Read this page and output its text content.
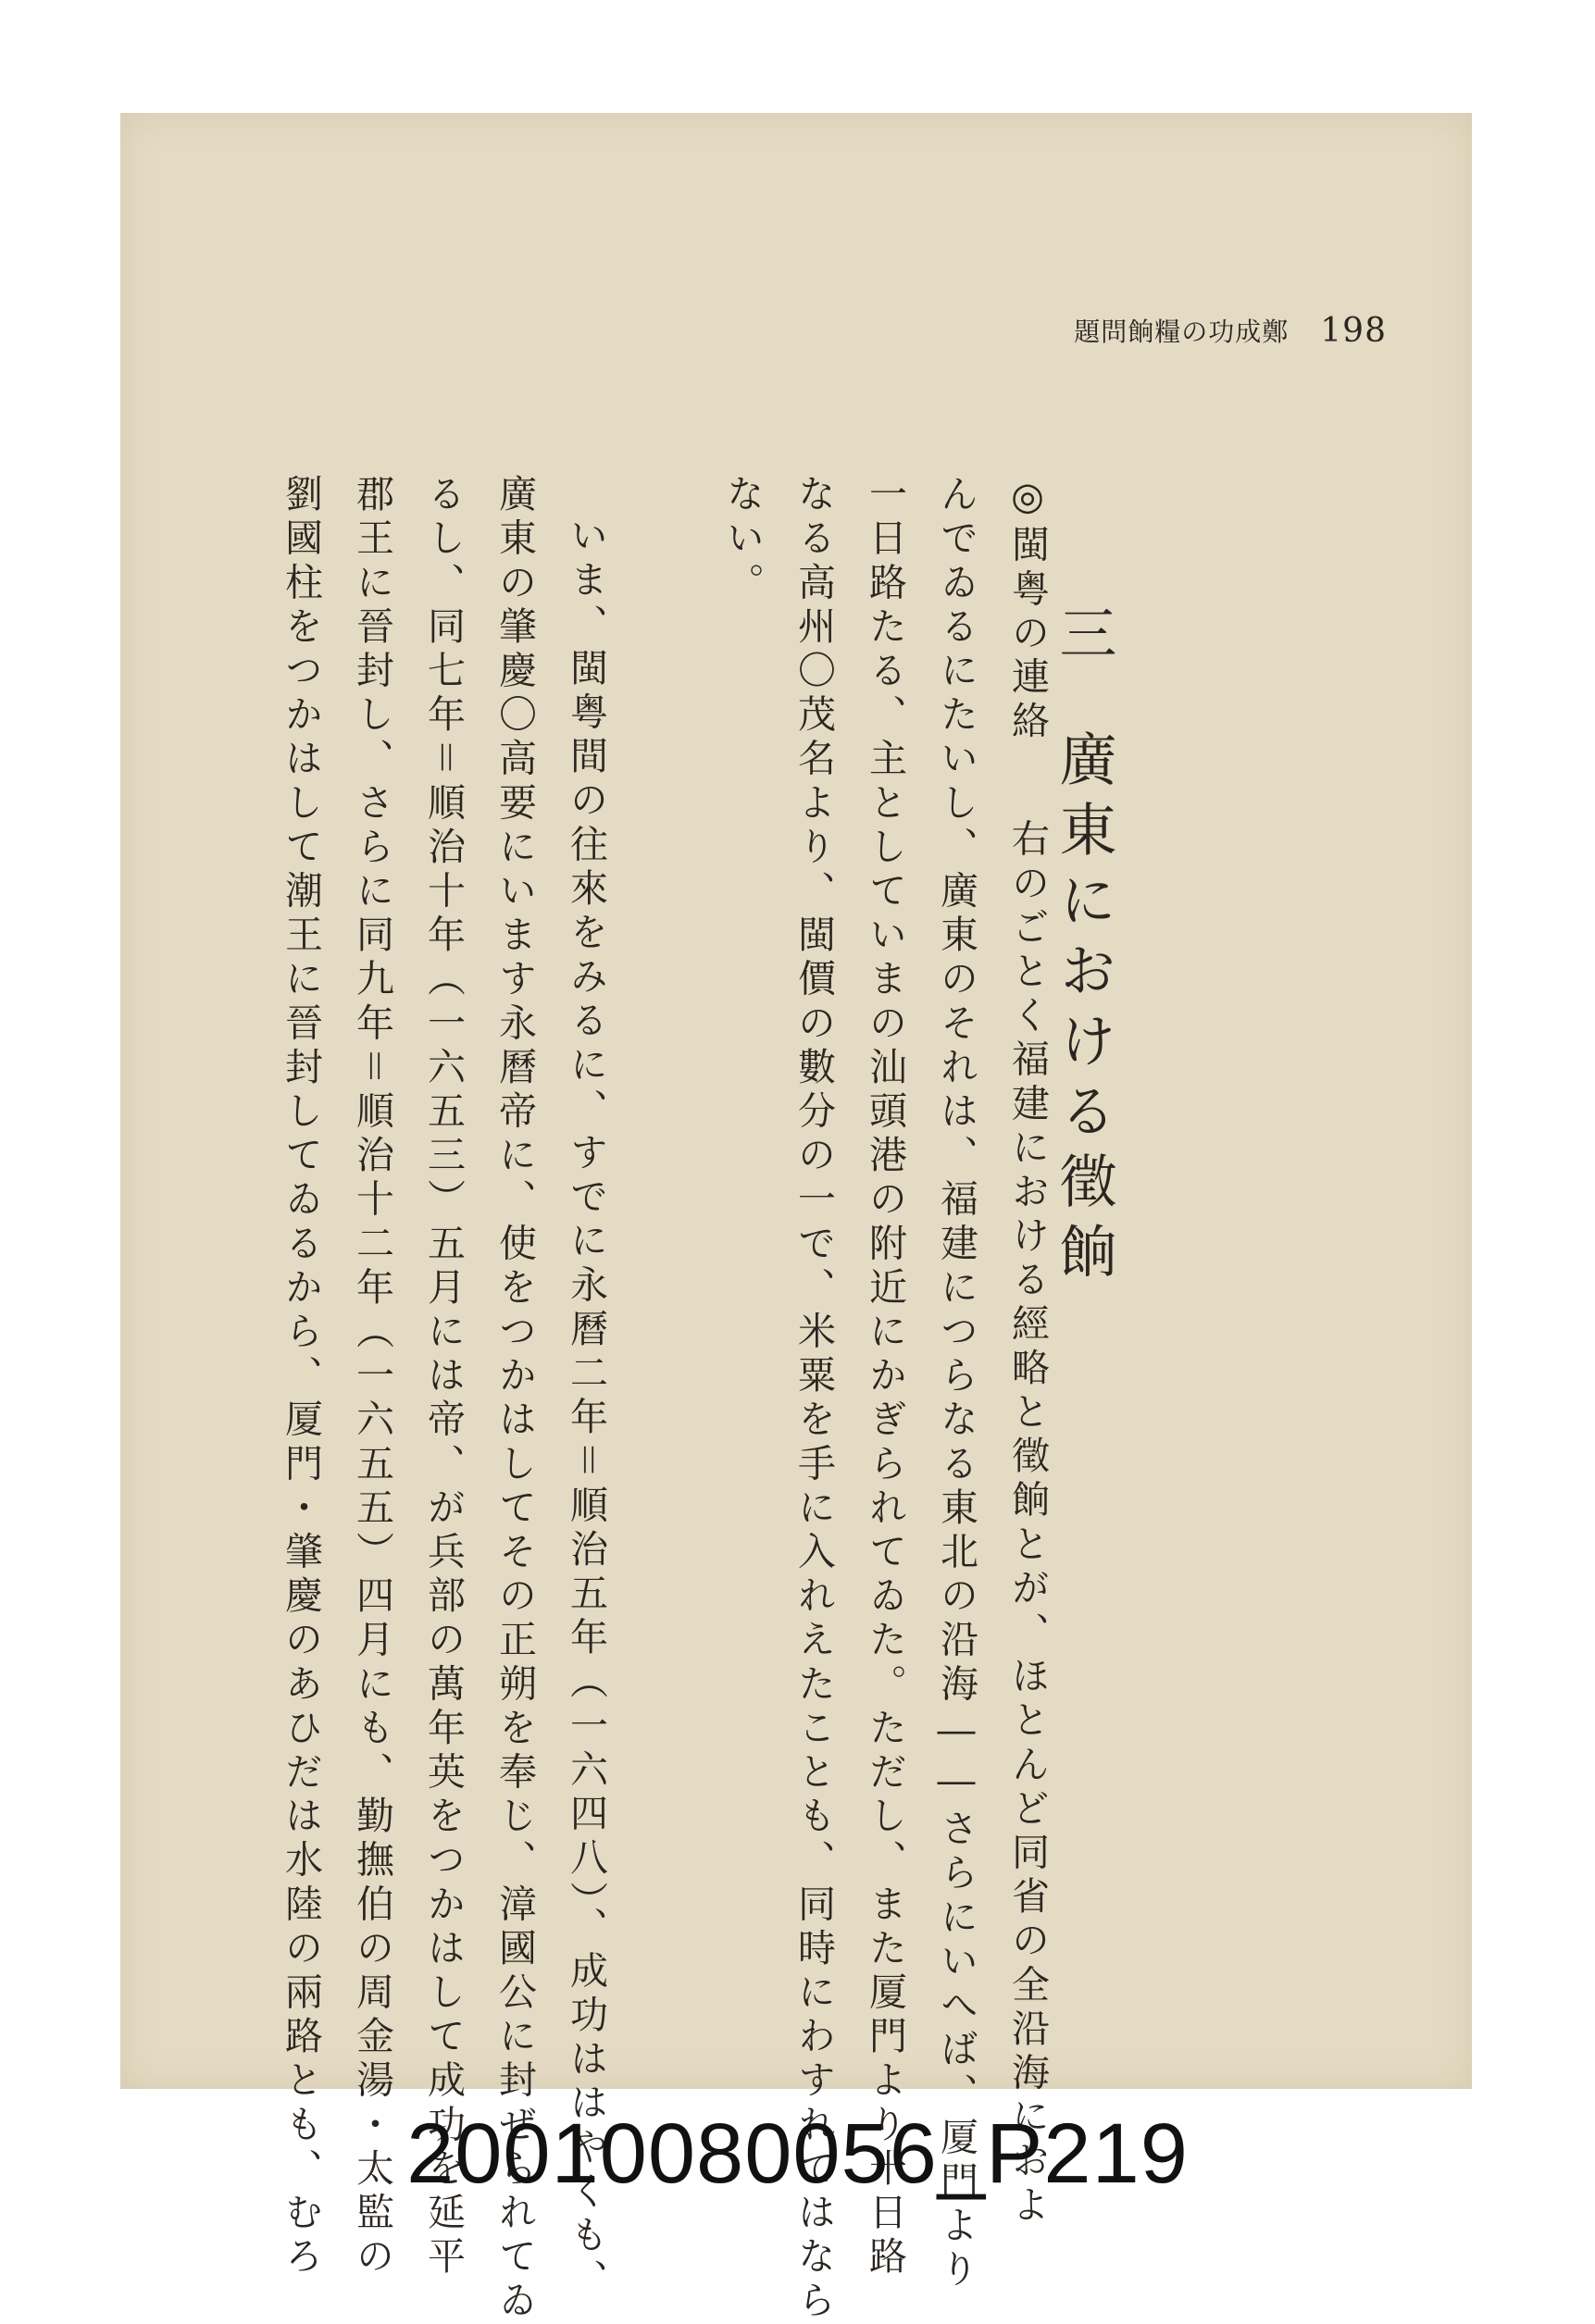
198
鄭成功の糧餉問題
三廣東における徵餉
◎閩粤の連絡右のごとく福建における經略と徵餉とが、ほとんど同省の全沿海におよ
んでゐるにたいし、廣東のそれは、福建につらなる東北の沿海――さらにいへば、厦門より
一日路たる、主としていまの汕頭港の附近にかぎられてゐた。ただし、また厦門より十日路
なる高州〇茂名より、閩價の數分の一で、米粟を手に入れえたことも、同時にわすれてはなら
ない。
いま、閩粤間の往來をみるに、すでに永曆二年＝順治五年（一六四八）、成功ははやくも、
廣東の肇慶〇高要にいます永曆帝に、使をつかはしてその正朔を奉じ、漳國公に封ぜられてゐ
るし、同七年＝順治十年（一六五三）五月には帝、が兵部の萬年英をつかはして成功を延平
郡王に晉封し、さらに同九年＝順治十二年（一六五五）四月にも、勤撫伯の周金湯・太監の
劉國柱をつかはして潮王に晉封してゐるから、厦門・肇慶のあひだは水陸の兩路とも、むろ 20010080056_P219
